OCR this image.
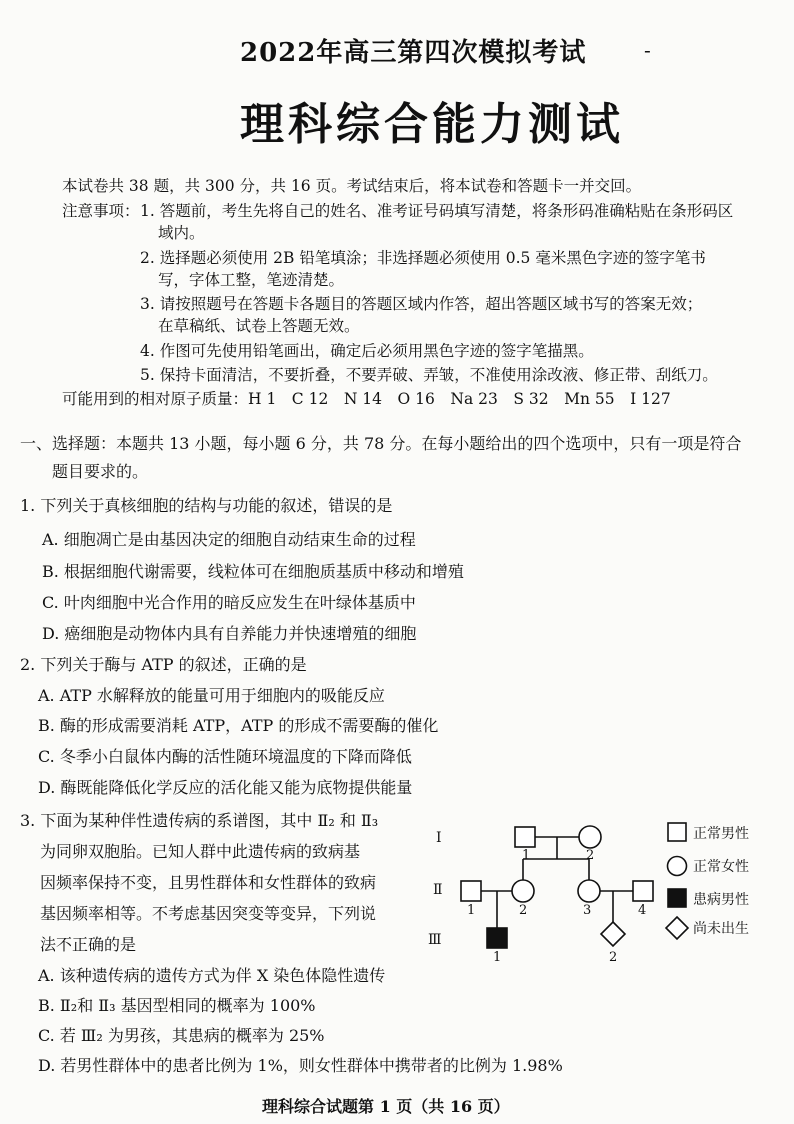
2022年高三第四次模拟考试	-
理科综合能力测试
本试卷共 38 题，共 300 分，共 16 页。考试结束后，将本试卷和答题卡一并交回。
注意事项： 1. 答题前，考生先将自己的姓名、准考证号码填写清楚，将条形码准确粘贴在条形码区
域内。
2. 选择题必须使用 2B 铅笔填涂；非选择题必须使用 0.5 毫米黑色字迹的签字笔书
写，字体工整，笔迹清楚。
3. 请按照题号在答题卡各题目的答题区域内作答，超出答题区域书写的答案无效；
在草稿纸、试卷上答题无效。
4. 作图可先使用铅笔画出，确定后必须用黑色字迹的签字笔描黑。
5. 保持卡面清洁，不要折叠，不要弄破、弄皱，不准使用涂改液、修正带、刮纸刀。
可能用到的相对原子质量：H 1　C 12　N 14　O 16　Na 23　S 32　Mn 55　I 127
一、选择题：本题共 13 小题，每小题 6 分，共 78 分。在每小题给出的四个选项中，只有一项是符合
题目要求的。
1. 下列关于真核细胞的结构与功能的叙述，错误的是
A. 细胞凋亡是由基因决定的细胞自动结束生命的过程
B. 根据细胞代谢需要，线粒体可在细胞质基质中移动和增殖
C. 叶肉细胞中光合作用的暗反应发生在叶绿体基质中
D. 癌细胞是动物体内具有自养能力并快速增殖的细胞
2. 下列关于酶与 ATP 的叙述，正确的是
A. ATP 水解释放的能量可用于细胞内的吸能反应
B. 酶的形成需要消耗 ATP，ATP 的形成不需要酶的催化
C. 冬季小白鼠体内酶的活性随环境温度的下降而降低
D. 酶既能降低化学反应的活化能又能为底物提供能量
3. 下面为某种伴性遗传病的系谱图，其中 Ⅱ₂ 和 Ⅱ₃
为同卵双胞胎。已知人群中此遗传病的致病基
因频率保持不变，且男性群体和女性群体的致病
基因频率相等。不考虑基因突变等变异，下列说
法不正确的是
A. 该种遗传病的遗传方式为伴 X 染色体隐性遗传
B. Ⅱ₂和 Ⅱ₃ 基因型相同的概率为 100%
C. 若 Ⅲ₂ 为男孩，其患病的概率为 25%
D. 若男性群体中的患者比例为 1%，则女性群体中携带者的比例为 1.98%
Ⅰ
Ⅱ
Ⅲ
1	2
1	2	3	4
1	2
正常男性
正常女性
患病男性
尚未出生
理科综合试题第 1 页（共 16 页）
